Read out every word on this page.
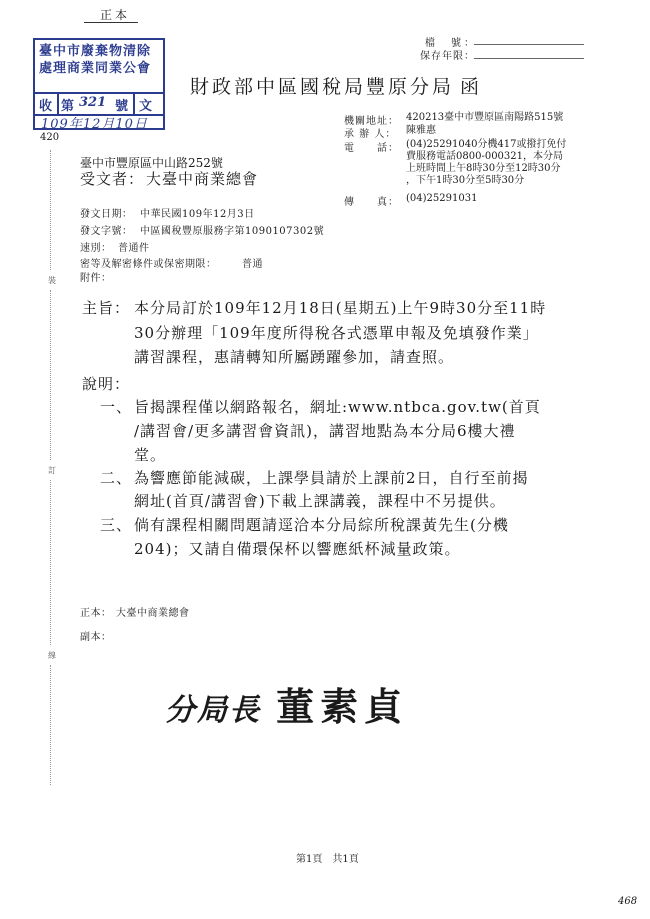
正本
臺中市廢棄物清除
處理商業同業公會
收 第 321 號 文
109年12月10日
420
檔　號：
保存年限：
財政部中區國稅局豐原分局 函
機關地址： 420213臺中市豐原區南陽路515號
承 辦 人： 陳雅惠
電　　話： (04)25291040分機417或撥打免付
費服務電話0800-000321，本分局
上班時間上午8時30分至12時30分
，下午1時30分至5時30分
傳　　真： (04)25291031
臺中市豐原區中山路252號
受文者： 大臺中商業總會
發文日期： 中華民國109年12月3日
發文字號： 中區國稅豐原服務字第1090107302號
速別： 普通件
密等及解密條件或保密期限：	普通
附件：
主旨： 本分局訂於109年12月18日(星期五)上午9時30分至11時
30分辦理「109年度所得稅各式憑單申報及免填發作業」
講習課程，惠請轉知所屬踴躍參加，請查照。
說明：
一、 旨揭課程僅以網路報名，網址:www.ntbca.gov.tw(首頁
/講習會/更多講習會資訊)，講習地點為本分局6樓大禮
堂。
二、 為響應節能減碳，上課學員請於上課前2日，自行至前揭
網址(首頁/講習會)下載上課講義，課程中不另提供。
三、 倘有課程相關問題請逕洽本分局綜所稅課黃先生(分機
204)；又請自備環保杯以響應紙杯減量政策。
正本： 大臺中商業總會
副本：
分局長 董素貞
裝
訂
線
第1頁　共1頁
468
